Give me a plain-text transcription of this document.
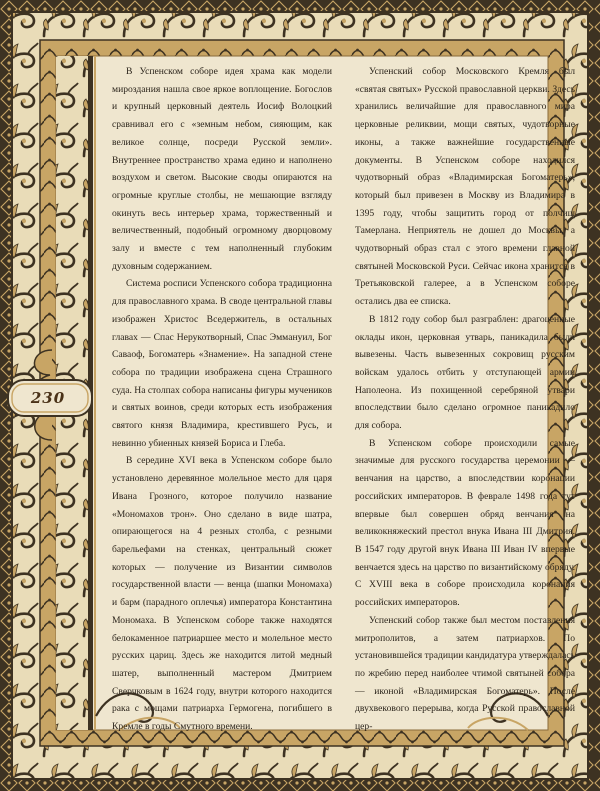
230

В Успенском соборе идея храма как модели мироздания нашла свое яркое воплощение. Богослов и крупный церковный деятель Иосиф Волоцкий сравнивал его с «земным небом, сияющим, как великое солнце, посреди Русской земли». Внутреннее пространство храма едино и наполнено воздухом и светом. Высокие своды опираются на огромные круглые столбы, не мешающие взгляду окинуть весь интерьер храма, торжественный и величественный, подобный огромному дворцовому залу и вместе с тем наполненный глубоким духовным содержанием.

Система росписи Успенского собора традиционна для православного храма. В своде центральной главы изображен Христос Вседержитель, в остальных главах — Спас Нерукотворный, Спас Эммануил, Бог Саваоф, Богоматерь «Знамение». На западной стене собора по традиции изображена сцена Страшного суда. На столпах собора написаны фигуры мучеников и святых воинов, среди которых есть изображения святого князя Владимира, крестившего Русь, и невинно убиенных князей Бориса и Глеба.

В середине XVI века в Успенском соборе было установлено деревянное молельное место для царя Ивана Грозного, которое получило название «Мономахов трон». Оно сделано в виде шатра, опирающегося на 4 резных столба, с резными барельефами на стенках, центральный сюжет которых — получение из Византии символов государственной власти — венца (шапки Мономаха) и барм (парадного оплечья) императора Константина Мономаха. В Успенском соборе также находятся белокаменное патриаршее место и молельное место русских цариц. Здесь же находится литой медный шатер, выполненный мастером Дмитрием Сверчковым в 1624 году, внутри которого находится рака с мощами патриарха Гермогена, погибшего в Кремле в годы Смутного времени.

Успенский собор Московского Кремля был «святая святых» Русской православной церкви. Здесь хранились величайшие для православного мира церковные реликвии, мощи святых, чудотворные иконы, а также важнейшие государственные документы. В Успенском соборе находился чудотворный образ «Владимирская Богоматерь», который был привезен в Москву из Владимира в 1395 году, чтобы защитить город от полчищ Тамерлана. Неприятель не дошел до Москвы, а чудотворный образ стал с этого времени главной святыней Московской Руси. Сейчас икона хранится в Третьяковской галерее, а в Успенском соборе остались два ее списка.

В 1812 году собор был разграблен: драгоценные оклады икон, церковная утварь, паникадила были вывезены. Часть вывезенных сокровищ русским войскам удалось отбить у отступающей армии Наполеона. Из похищенной серебряной утвари впоследствии было сделано огромное паникадило для собора.

В Успенском соборе происходили самые значимые для русского государства церемонии — венчания на царство, а впоследствии коронации российских императоров. В феврале 1498 года тут впервые был совершен обряд венчания на великокняжеский престол внука Ивана III Дмитрия. В 1547 году другой внук Ивана III Иван IV впервые венчается здесь на царство по византийскому обряду. С XVIII века в соборе происходила коронация российских императоров.

Успенский собор также был местом поставления митрополитов, а затем патриархов. По установившейся традиции кандидатура утверждалась по жребию перед наиболее чтимой святыней собора — иконой «Владимирская Богоматерь». После двухвекового перерыва, когда Русской православной цер-
